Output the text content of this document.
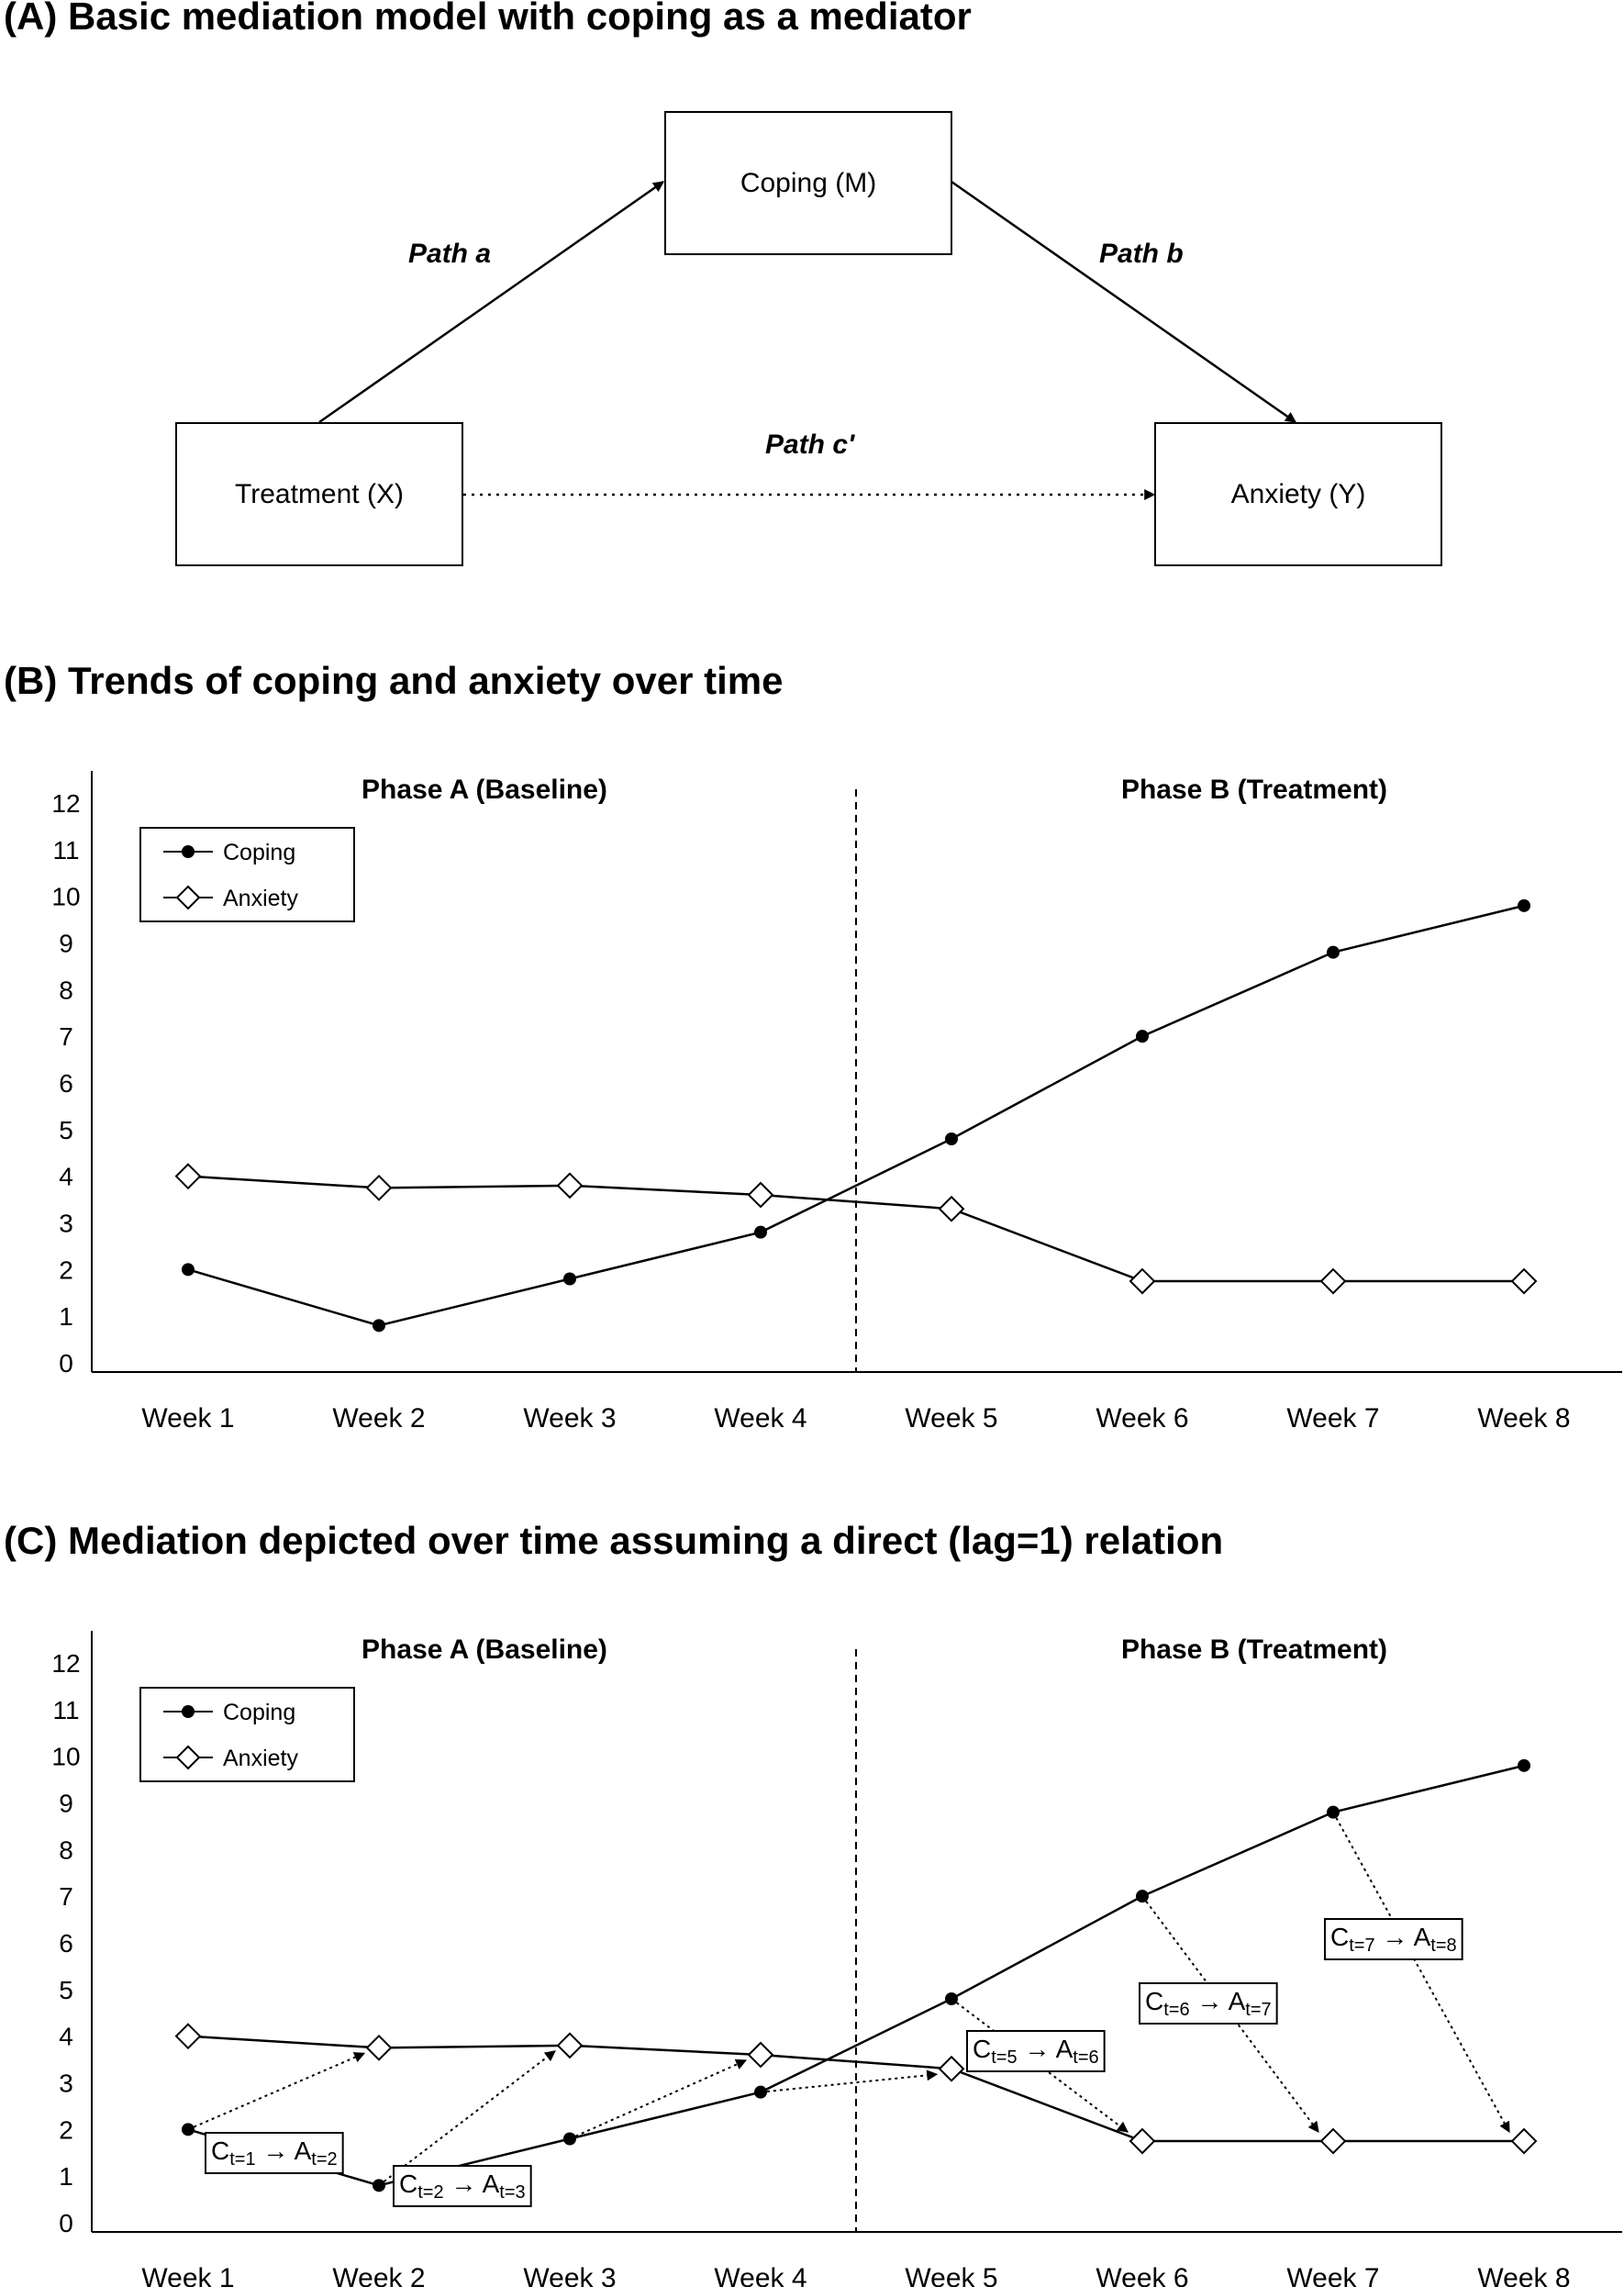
(A) Basic mediation model with coping as a mediator
Coping (M)
Treatment (X)	Anxiety (Y)
Path a	Path b
Path c'
(B) Trends of coping and anxiety over time
0
1
2
3
4
5
6
7
8
9
10
11
12
Week 1	Week 2	Week 3	Week 4	Week 5	Week 6	Week 7	Week 8
Phase A (Baseline)	Phase B (Treatment)
Coping
Anxiety
(C) Mediation depicted over time assuming a direct (lag=1) relation
0
1
2
3
4
5
6
7
8
9
10
11
12
Week 1	Week 2	Week 3	Week 4	Week 5	Week 6	Week 7	Week 8
Phase A (Baseline)	Phase B (Treatment)
Coping
Anxiety
$C_{t=1} \to A_{t=2}$
$C_{t=2} \to A_{t=3}$
$C_{t=5} \to A_{t=6}$
$C_{t=6} \to A_{t=7}$
$C_{t=7} \to A_{t=8}$
